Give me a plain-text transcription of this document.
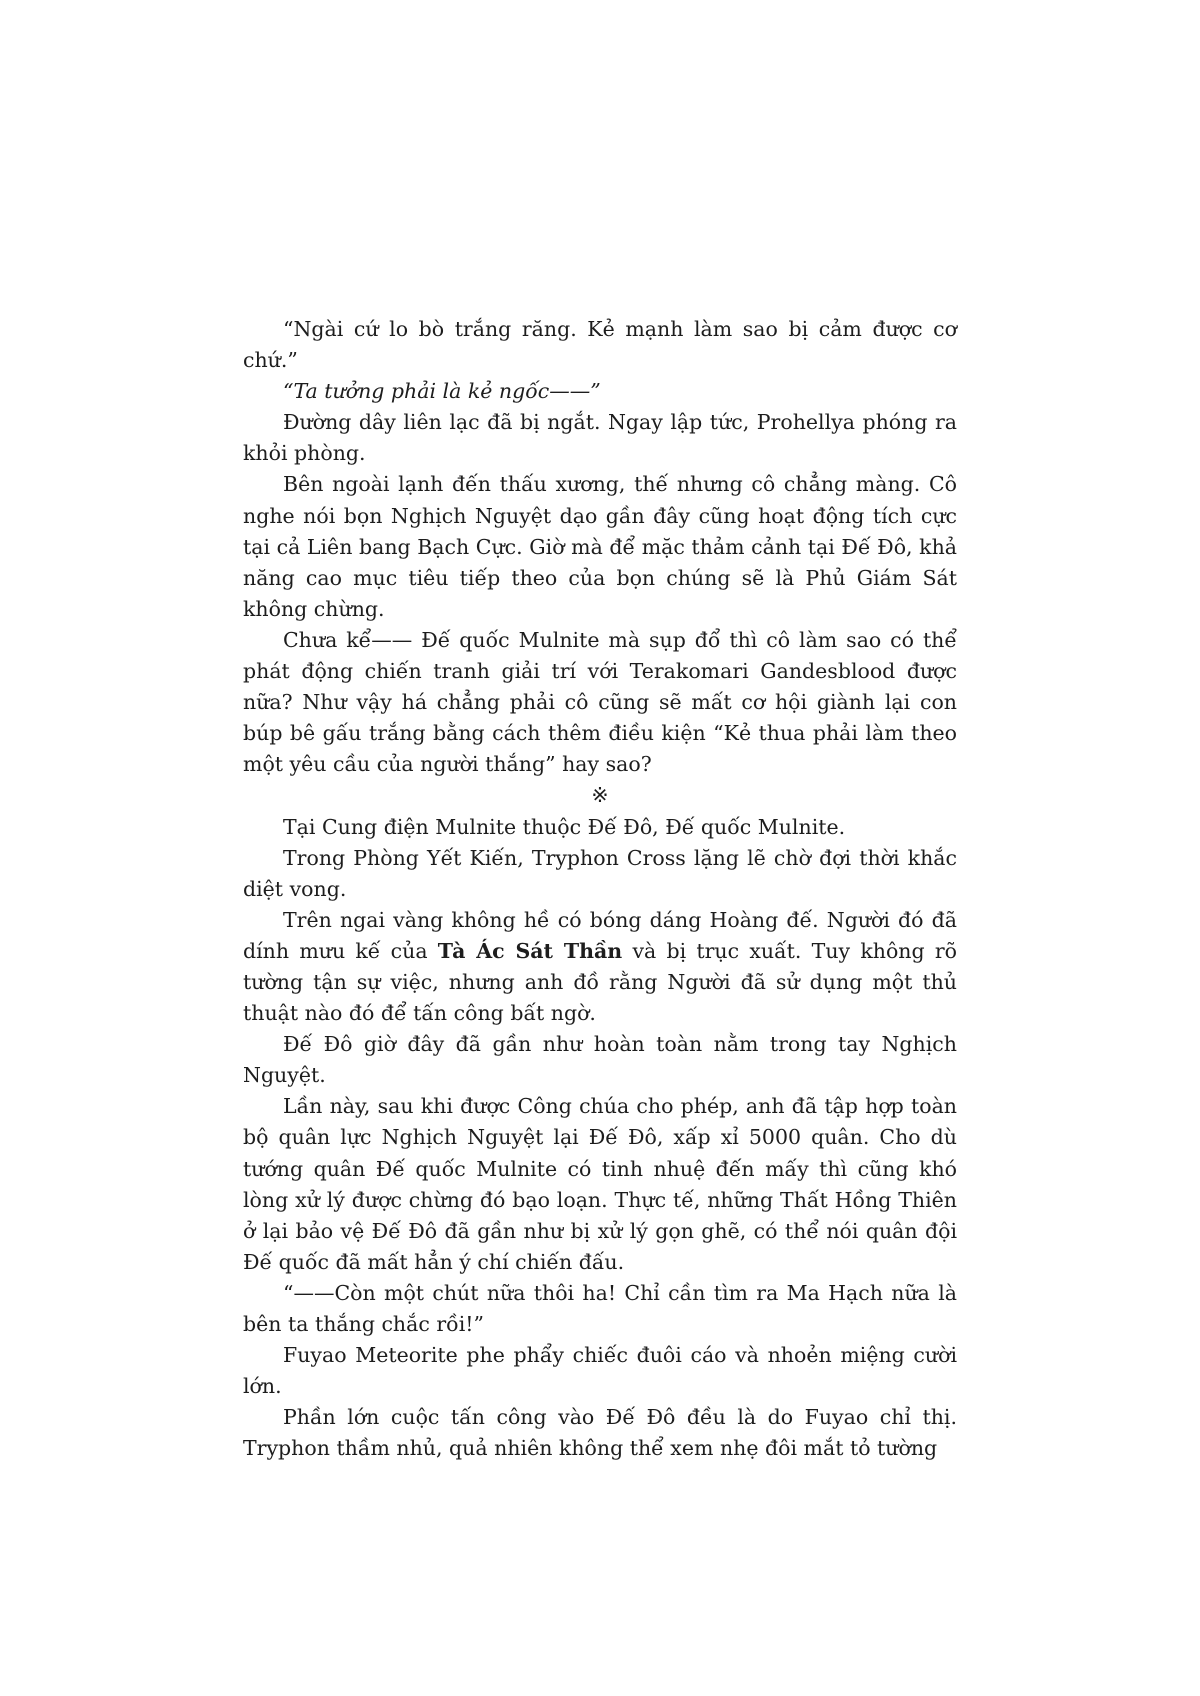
“Ngài cứ lo bò trắng răng. Kẻ mạnh làm sao bị cảm được cơ chứ.”

“Ta tưởng phải là kẻ ngốc——”

Đường dây liên lạc đã bị ngắt. Ngay lập tức, Prohellya phóng ra khỏi phòng.

Bên ngoài lạnh đến thấu xương, thế nhưng cô chẳng màng. Cô nghe nói bọn Nghịch Nguyệt dạo gần đây cũng hoạt động tích cực tại cả Liên bang Bạch Cực. Giờ mà để mặc thảm cảnh tại Đế Đô, khả năng cao mục tiêu tiếp theo của bọn chúng sẽ là Phủ Giám Sát không chừng.

Chưa kể—— Đế quốc Mulnite mà sụp đổ thì cô làm sao có thể phát động chiến tranh giải trí với Terakomari Gandesblood được nữa? Như vậy há chẳng phải cô cũng sẽ mất cơ hội giành lại con búp bê gấu trắng bằng cách thêm điều kiện “Kẻ thua phải làm theo một yêu cầu của người thắng” hay sao?

※

Tại Cung điện Mulnite thuộc Đế Đô, Đế quốc Mulnite.

Trong Phòng Yết Kiến, Tryphon Cross lặng lẽ chờ đợi thời khắc diệt vong.

Trên ngai vàng không hề có bóng dáng Hoàng đế. Người đó đã dính mưu kế của Tà Ác Sát Thần và bị trục xuất. Tuy không rõ tường tận sự việc, nhưng anh đồ rằng Người đã sử dụng một thủ thuật nào đó để tấn công bất ngờ.

Đế Đô giờ đây đã gần như hoàn toàn nằm trong tay Nghịch Nguyệt.

Lần này, sau khi được Công chúa cho phép, anh đã tập hợp toàn bộ quân lực Nghịch Nguyệt lại Đế Đô, xấp xỉ 5000 quân. Cho dù tướng quân Đế quốc Mulnite có tinh nhuệ đến mấy thì cũng khó lòng xử lý được chừng đó bạo loạn. Thực tế, những Thất Hồng Thiên ở lại bảo vệ Đế Đô đã gần như bị xử lý gọn ghẽ, có thể nói quân đội Đế quốc đã mất hẳn ý chí chiến đấu.

“——Còn một chút nữa thôi ha! Chỉ cần tìm ra Ma Hạch nữa là bên ta thắng chắc rồi!”

Fuyao Meteorite phe phẩy chiếc đuôi cáo và nhoẻn miệng cười lớn.

Phần lớn cuộc tấn công vào Đế Đô đều là do Fuyao chỉ thị. Tryphon thầm nhủ, quả nhiên không thể xem nhẹ đôi mắt tỏ tường
